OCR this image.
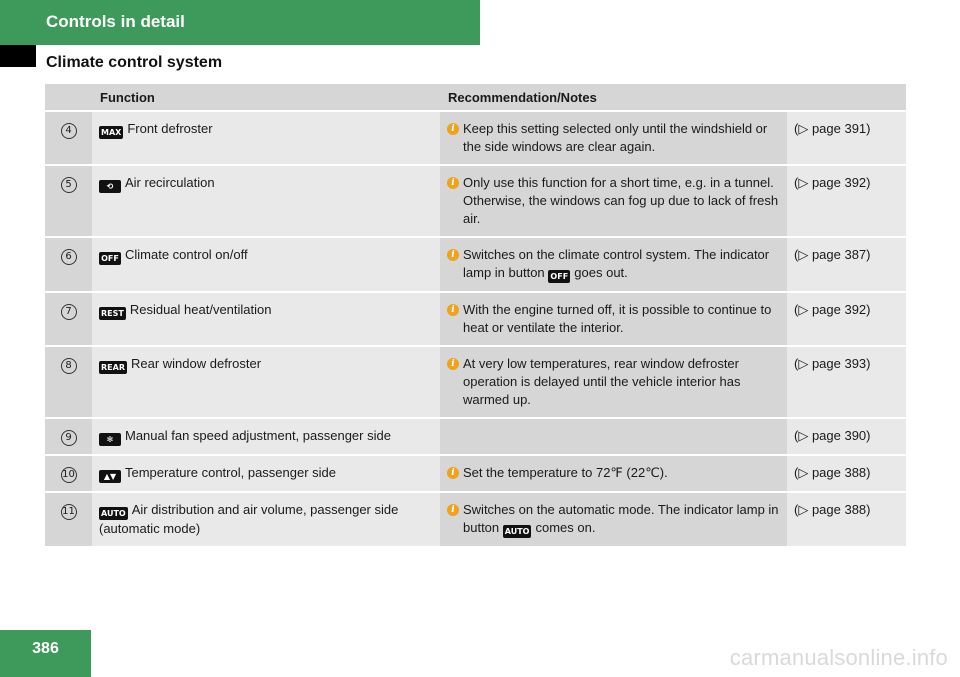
Controls in detail
Climate control system
	Function	Recommendation/Notes	
4	MAX Front defroster	i Keep this setting selected only until the windshield or the side windows are clear again.	(▷ page 391)
5	⟲ Air recirculation	i Only use this function for a short time, e.g. in a tunnel. Otherwise, the windows can fog up due to lack of fresh air.	(▷ page 392)
6	OFF Climate control on/off	i Switches on the climate control system. The indicator lamp in button OFF goes out.	(▷ page 387)
7	REST Residual heat/ventilation	i With the engine turned off, it is possible to continue to heat or ventilate the interior.	(▷ page 392)
8	REAR Rear window defroster	i At very low temperatures, rear window defroster operation is delayed until the vehicle interior has warmed up.	(▷ page 393)
9	✻ Manual fan speed adjustment, passenger side		(▷ page 390)
10	▲▼ Temperature control, passenger side	i Set the temperature to 72℉ (22℃).	(▷ page 388)
11	AUTO Air distribution and air volume, passenger side (automatic mode)	i Switches on the automatic mode. The indicator lamp in button AUTO comes on.	(▷ page 388)
386	carmanualsonline.info
